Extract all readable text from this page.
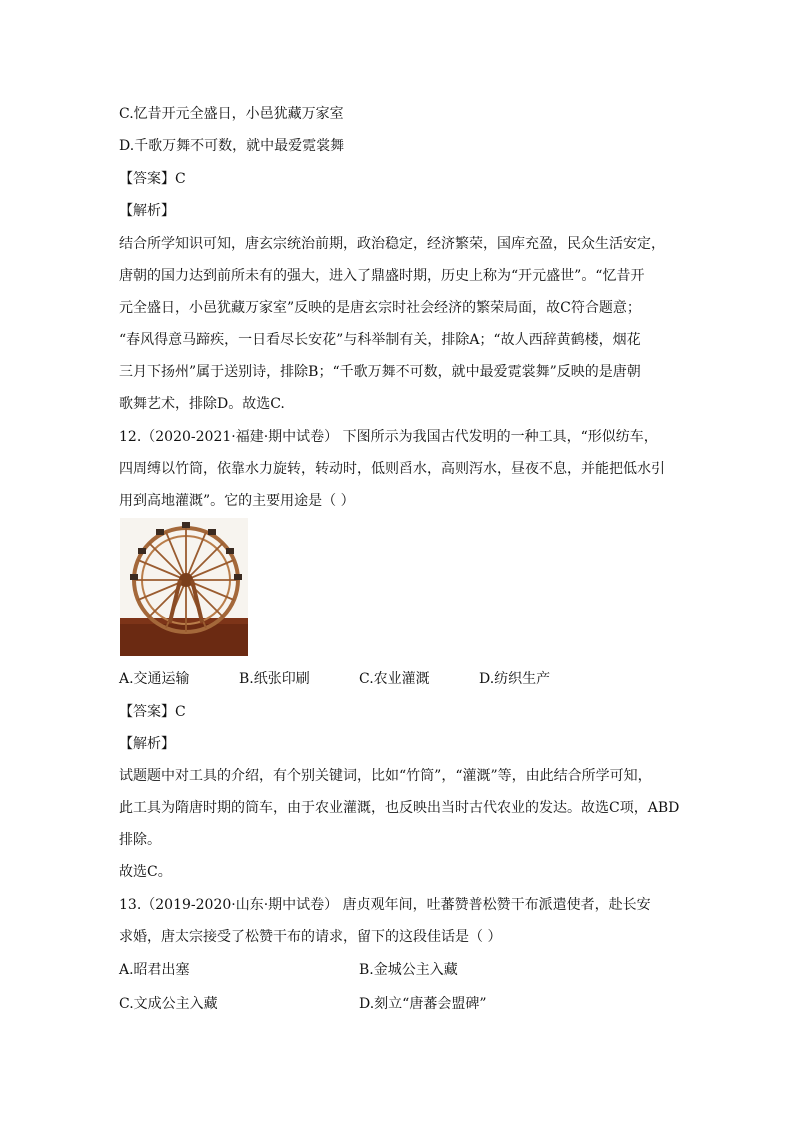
C.忆昔开元全盛日，小邑犹藏万家室
D.千歌万舞不可数，就中最爱霓裳舞
【答案】C
【解析】
结合所学知识可知，唐玄宗统治前期，政治稳定，经济繁荣，国库充盈，民众生活安定，
唐朝的国力达到前所未有的强大，进入了鼎盛时期，历史上称为“开元盛世”。“忆昔开
元全盛日，小邑犹藏万家室”反映的是唐玄宗时社会经济的繁荣局面，故C符合题意；
“春风得意马蹄疾，一日看尽长安花”与科举制有关，排除A；“故人西辞黄鹤楼，烟花
三月下扬州”属于送别诗，排除B；“千歌万舞不可数，就中最爱霓裳舞”反映的是唐朝
歌舞艺术，排除D。故选C.
12.（2020-2021·福建·期中试卷） 下图所示为我国古代发明的一种工具，“形似纺车，
四周缚以竹筒，依靠水力旋转，转动时，低则舀水，高则泻水，昼夜不息，并能把低水引
用到高地灌溉”。它的主要用途是（ ）
A.交通运输	B.纸张印刷	C.农业灌溉	D.纺织生产
【答案】C
【解析】
试题题中对工具的介绍，有个别关键词，比如“竹筒”，“灌溉”等，由此结合所学可知，
此工具为隋唐时期的筒车，由于农业灌溉，也反映出当时古代农业的发达。故选C项，ABD
排除。
故选C。
13.（2019-2020·山东·期中试卷） 唐贞观年间，吐蕃赞普松赞干布派遣使者，赴长安
求婚，唐太宗接受了松赞干布的请求，留下的这段佳话是（ ）
A.昭君出塞	B.金城公主入藏
C.文成公主入藏	D.刻立“唐蕃会盟碑”
